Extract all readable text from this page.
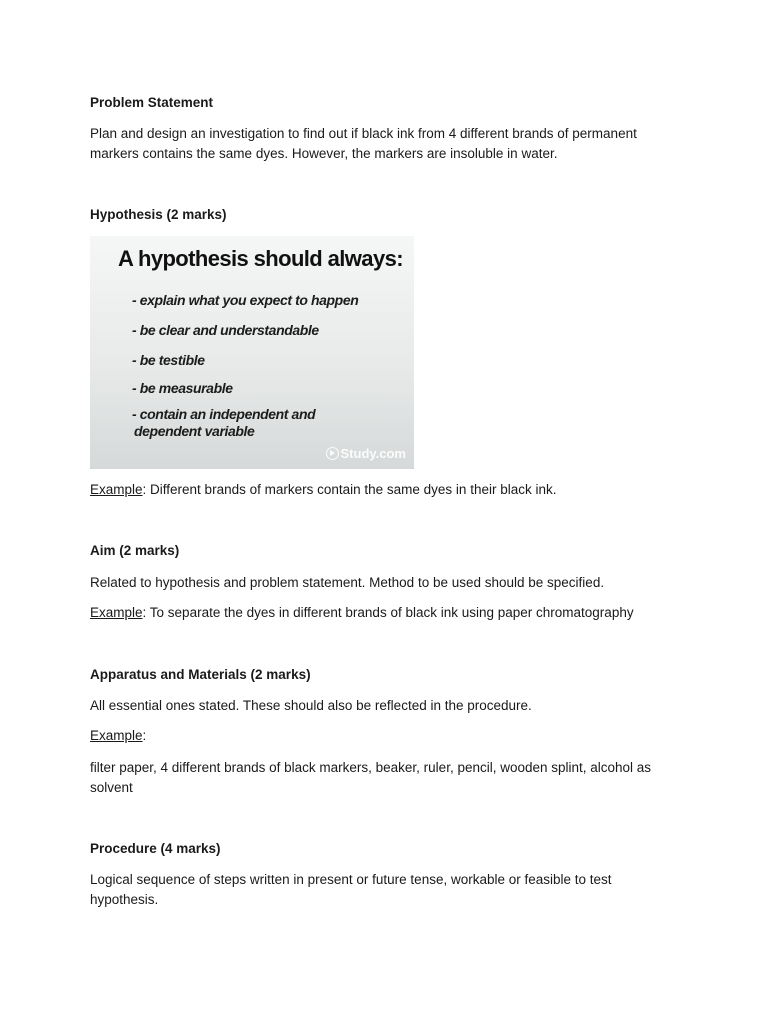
Problem Statement
Plan and design an investigation to find out if black ink from 4 different brands of permanent
markers contains the same dyes. However, the markers are insoluble in water.
Hypothesis (2 marks)
A hypothesis should always:
- explain what you expect to happen
- be clear and understandable
- be testible
- be measurable
- contain an independent and
dependent variable
Study.com
Example: Different brands of markers contain the same dyes in their black ink.
Aim (2 marks)
Related to hypothesis and problem statement. Method to be used should be specified.
Example: To separate the dyes in different brands of black ink using paper chromatography
Apparatus and Materials (2 marks)
All essential ones stated. These should also be reflected in the procedure.
Example:
filter paper, 4 different brands of black markers, beaker, ruler, pencil, wooden splint, alcohol as
solvent
Procedure (4 marks)
Logical sequence of steps written in present or future tense, workable or feasible to test
hypothesis.
